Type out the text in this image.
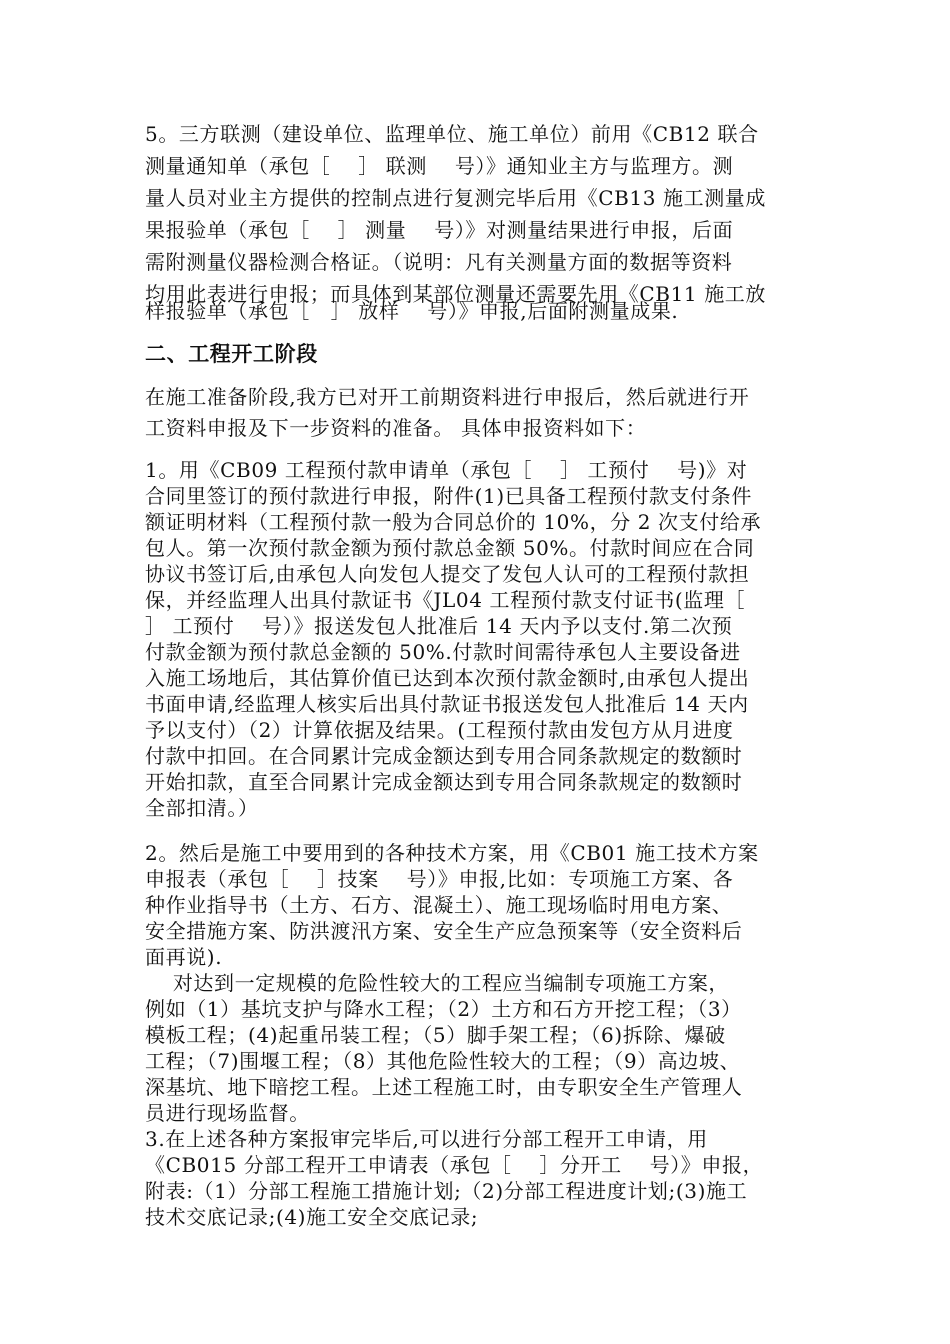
5。三方联测（建设单位、监理单位、施工单位）前用《CB12 联合
测量通知单（承包［    ］ 联测    号）》通知业主方与监理方。测
量人员对业主方提供的控制点进行复测完毕后用《CB13 施工测量成
果报验单（承包［    ］ 测量    号）》对测量结果进行申报，后面
需附测量仪器检测合格证。（说明：凡有关测量方面的数据等资料
均用此表进行申报；而具体到某部位测量还需要先用《CB11 施工放
样报验单（承包［   ］ 放样    号）》申报,后面附测量成果.
二、工程开工阶段
在施工准备阶段,我方已对开工前期资料进行申报后，然后就进行开
工资料申报及下一步资料的准备。 具体申报资料如下：
1。用《CB09 工程预付款申请单（承包［    ］ 工预付    号)》对
合同里签订的预付款进行申报，附件(1)已具备工程预付款支付条件
额证明材料（工程预付款一般为合同总价的 10%，分 2 次支付给承
包人。第一次预付款金额为预付款总金额 50%。付款时间应在合同
协议书签订后,由承包人向发包人提交了发包人认可的工程预付款担
保，并经监理人出具付款证书《JL04 工程预付款支付证书(监理［
］ 工预付    号）》报送发包人批准后 14 天内予以支付.第二次预
付款金额为预付款总金额的 50%.付款时间需待承包人主要设备进
入施工场地后，其估算价值已达到本次预付款金额时,由承包人提出
书面申请,经监理人核实后出具付款证书报送发包人批准后 14 天内
予以支付）（2）计算依据及结果。(工程预付款由发包方从月进度
付款中扣回。在合同累计完成金额达到专用合同条款规定的数额时
开始扣款，直至合同累计完成金额达到专用合同条款规定的数额时
全部扣清。）
2。然后是施工中要用到的各种技术方案，用《CB01 施工技术方案
申报表（承包［    ］技案    号）》申报,比如：专项施工方案、各
种作业指导书（土方、石方、混凝土）、施工现场临时用电方案、
安全措施方案、防洪渡汛方案、安全生产应急预案等（安全资料后
面再说).
对达到一定规模的危险性较大的工程应当编制专项施工方案，
例如（1）基坑支护与降水工程；（2）土方和石方开挖工程；（3）
模板工程；(4)起重吊装工程；（5）脚手架工程；（6)拆除、爆破
工程；（7)围堰工程；（8）其他危险性较大的工程；（9）高边坡、
深基坑、地下暗挖工程。上述工程施工时，由专职安全生产管理人
员进行现场监督。
3.在上述各种方案报审完毕后,可以进行分部工程开工申请，用
《CB015 分部工程开工申请表（承包［    ］分开工    号）》申报，
附表:（1）分部工程施工措施计划;（2)分部工程进度计划;(3)施工
技术交底记录;(4)施工安全交底记录;
